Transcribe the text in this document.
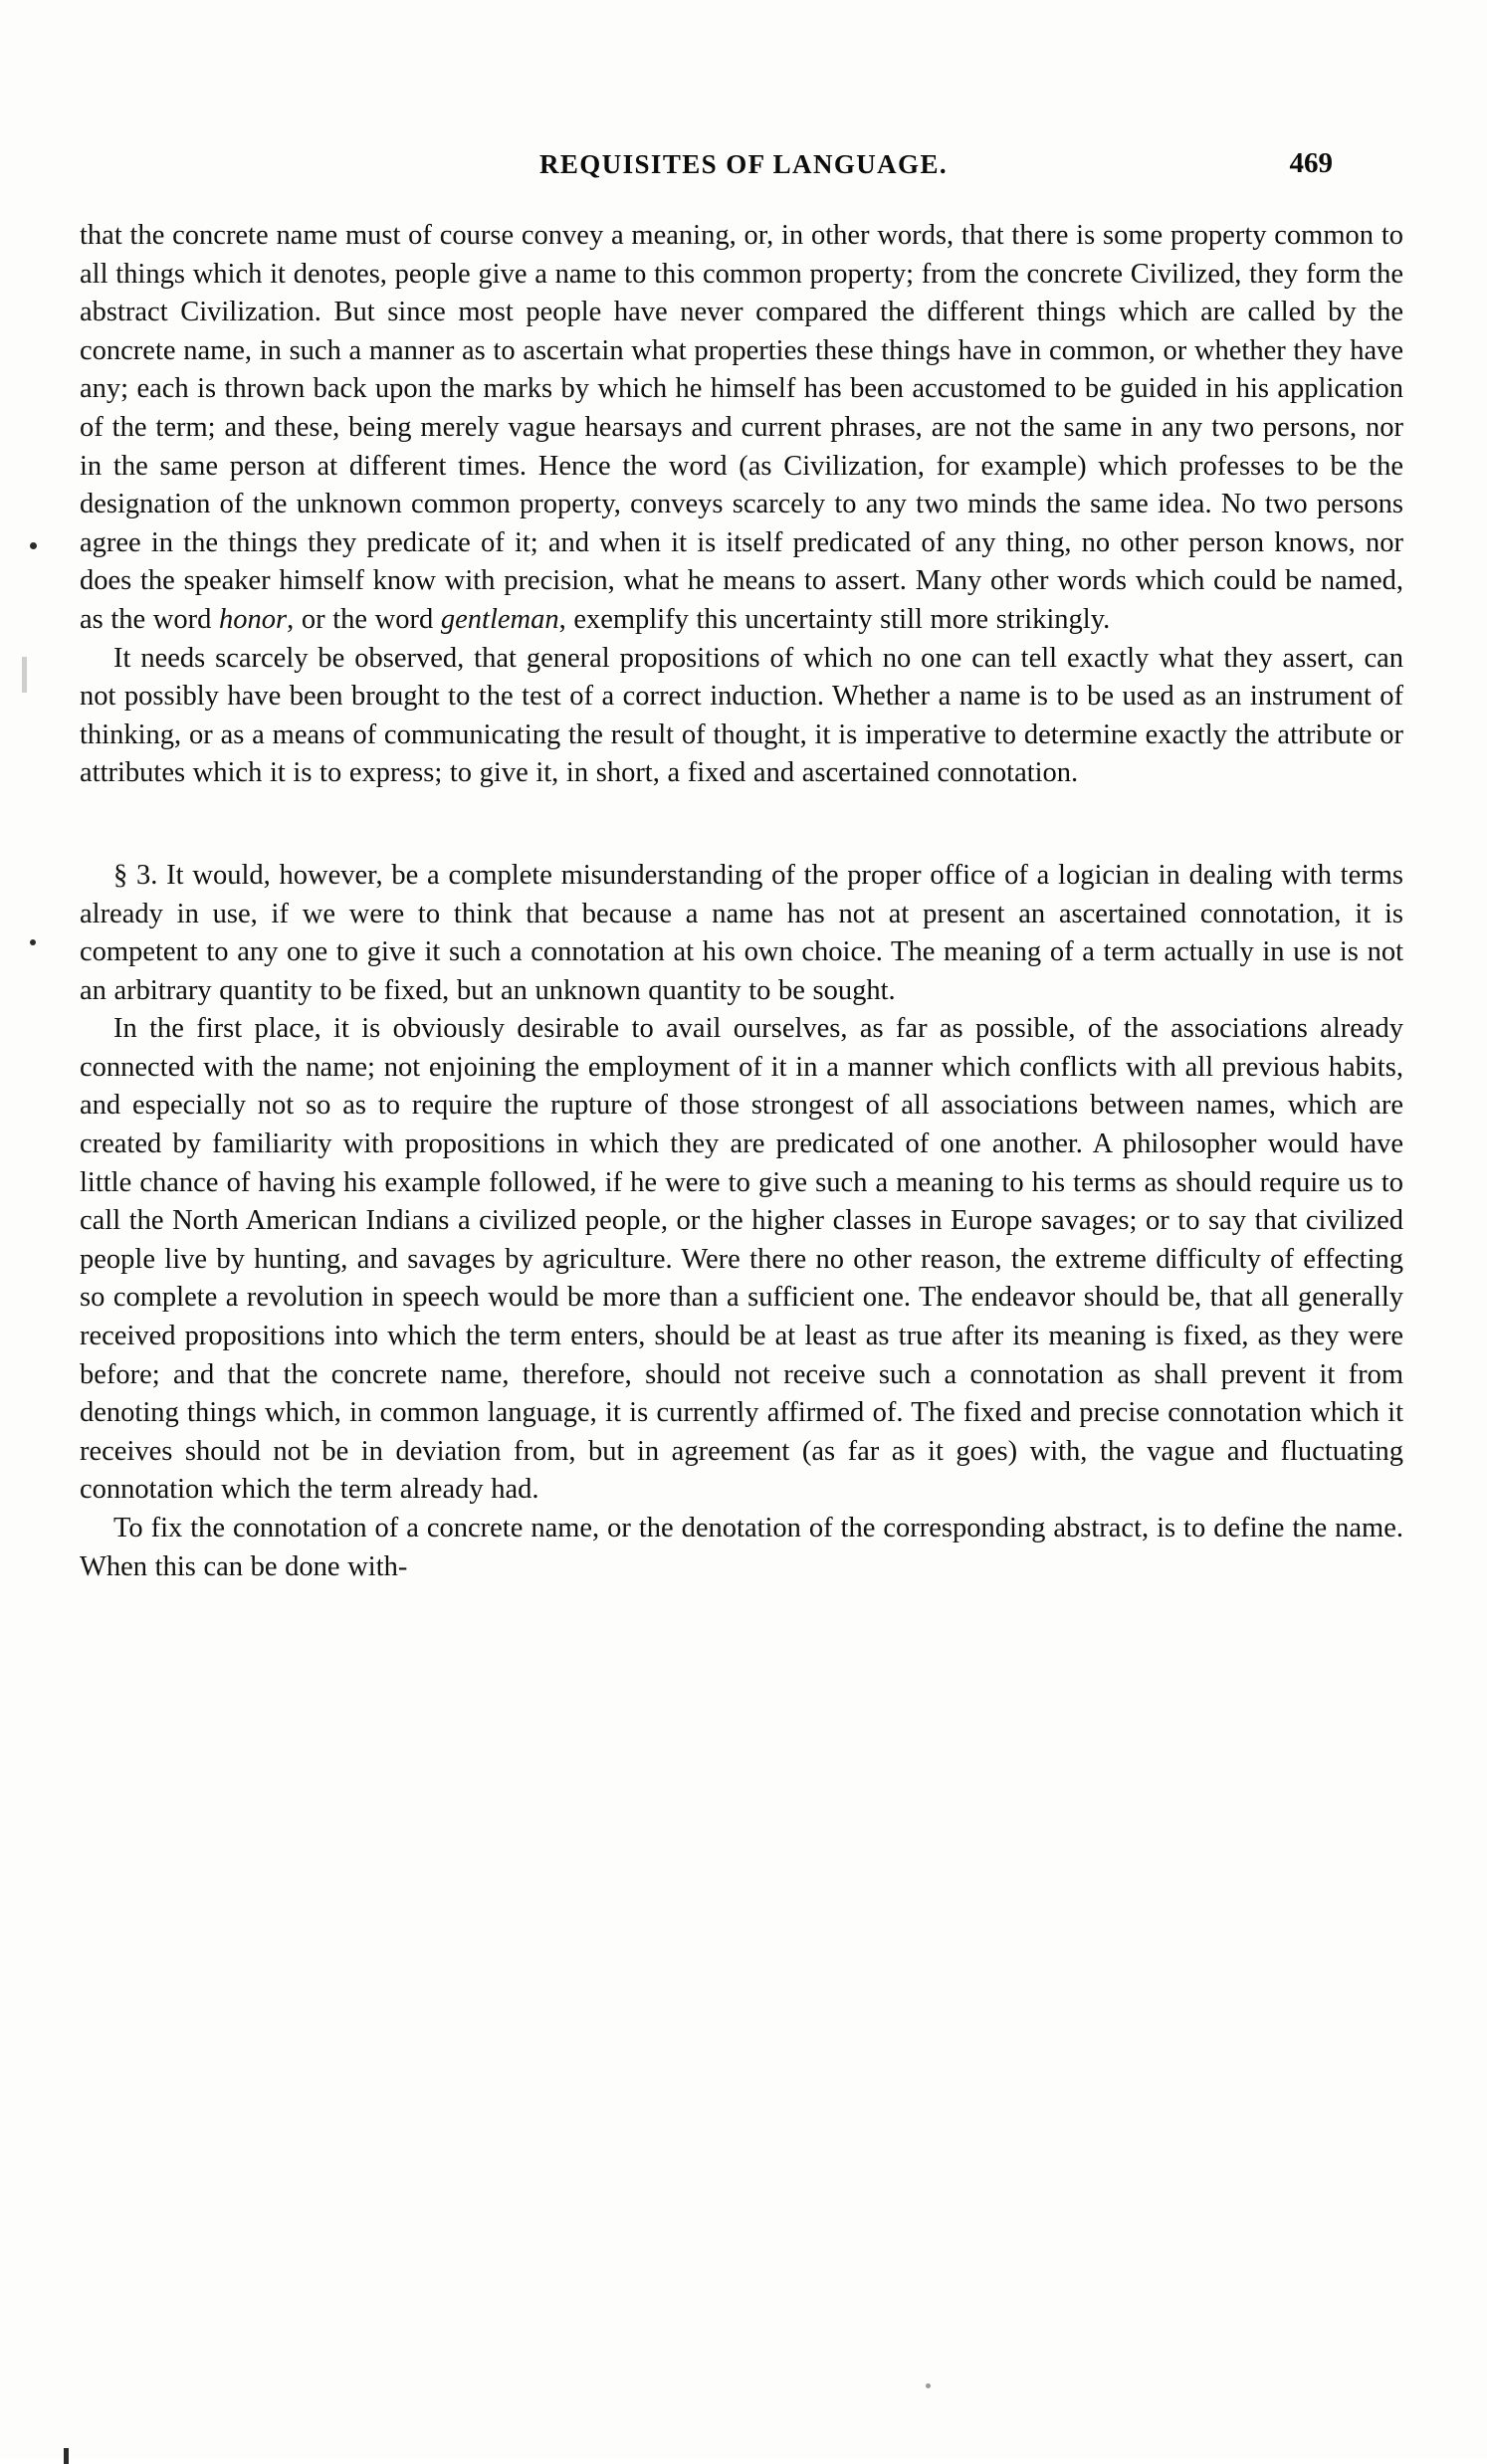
REQUISITES OF LANGUAGE.	469

that the concrete name must of course convey a meaning, or, in other words, that there is some property common to all things which it denotes, people give a name to this common property; from the concrete Civilized, they form the abstract Civilization. But since most people have never compared the different things which are called by the concrete name, in such a manner as to ascertain what properties these things have in common, or whether they have any; each is thrown back upon the marks by which he himself has been accustomed to be guided in his application of the term; and these, being merely vague hearsays and current phrases, are not the same in any two persons, nor in the same person at different times. Hence the word (as Civilization, for example) which professes to be the designation of the unknown common property, conveys scarcely to any two minds the same idea. No two persons agree in the things they predicate of it; and when it is itself predicated of any thing, no other person knows, nor does the speaker himself know with precision, what he means to assert. Many other words which could be named, as the word honor, or the word gentleman, exemplify this uncertainty still more strikingly.

It needs scarcely be observed, that general propositions of which no one can tell exactly what they assert, can not possibly have been brought to the test of a correct induction. Whether a name is to be used as an instrument of thinking, or as a means of communicating the result of thought, it is imperative to determine exactly the attribute or attributes which it is to express; to give it, in short, a fixed and ascertained connotation.

§ 3. It would, however, be a complete misunderstanding of the proper office of a logician in dealing with terms already in use, if we were to think that because a name has not at present an ascertained connotation, it is competent to any one to give it such a connotation at his own choice. The meaning of a term actually in use is not an arbitrary quantity to be fixed, but an unknown quantity to be sought.

In the first place, it is obviously desirable to avail ourselves, as far as possible, of the associations already connected with the name; not enjoining the employment of it in a manner which conflicts with all previous habits, and especially not so as to require the rupture of those strongest of all associations between names, which are created by familiarity with propositions in which they are predicated of one another. A philosopher would have little chance of having his example followed, if he were to give such a meaning to his terms as should require us to call the North American Indians a civilized people, or the higher classes in Europe savages; or to say that civilized people live by hunting, and savages by agriculture. Were there no other reason, the extreme difficulty of effecting so complete a revolution in speech would be more than a sufficient one. The endeavor should be, that all generally received propositions into which the term enters, should be at least as true after its meaning is fixed, as they were before; and that the concrete name, therefore, should not receive such a connotation as shall prevent it from denoting things which, in common language, it is currently affirmed of. The fixed and precise connotation which it receives should not be in deviation from, but in agreement (as far as it goes) with, the vague and fluctuating connotation which the term already had.

To fix the connotation of a concrete name, or the denotation of the corresponding abstract, is to define the name. When this can be done with-
